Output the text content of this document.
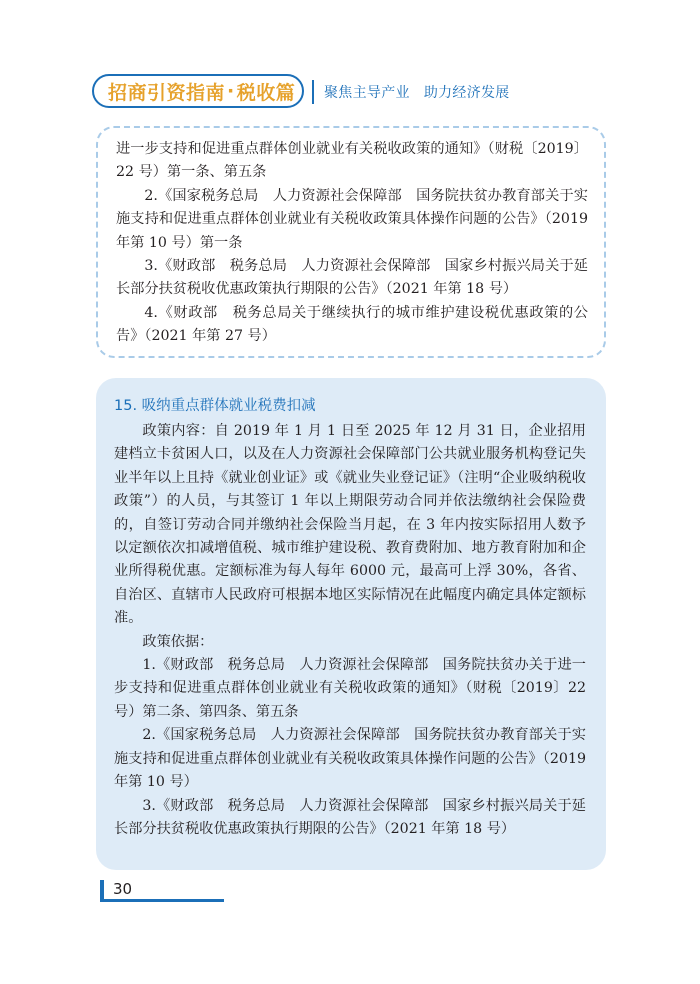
招商引资指南 · 税收篇 聚焦主导产业 助力经济发展

进一步支持和促进重点群体创业就业有关税收政策的通知》（财税〔2019〕22 号）第一条、第五条

2.《国家税务总局　人力资源社会保障部　国务院扶贫办教育部关于实施支持和促进重点群体创业就业有关税收政策具体操作问题的公告》（2019 年第 10 号）第一条

3.《财政部　税务总局　人力资源社会保障部　国家乡村振兴局关于延长部分扶贫税收优惠政策执行期限的公告》（2021 年第 18 号）

4.《财政部　税务总局关于继续执行的城市维护建设税优惠政策的公告》（2021 年第 27 号）

15. 吸纳重点群体就业税费扣减

政策内容：自 2019 年 1 月 1 日至 2025 年 12 月 31 日，企业招用建档立卡贫困人口，以及在人力资源社会保障部门公共就业服务机构登记失业半年以上且持《就业创业证》或《就业失业登记证》（注明“企业吸纳税收政策”）的人员，与其签订 1 年以上期限劳动合同并依法缴纳社会保险费的，自签订劳动合同并缴纳社会保险当月起，在 3 年内按实际招用人数予以定额依次扣减增值税、城市维护建设税、教育费附加、地方教育附加和企业所得税优惠。定额标准为每人每年 6000 元，最高可上浮 30%，各省、自治区、直辖市人民政府可根据本地区实际情况在此幅度内确定具体定额标准。

政策依据：

1.《财政部　税务总局　人力资源社会保障部　国务院扶贫办关于进一步支持和促进重点群体创业就业有关税收政策的通知》（财税〔2019〕22 号）第二条、第四条、第五条

2.《国家税务总局　人力资源社会保障部　国务院扶贫办教育部关于实施支持和促进重点群体创业就业有关税收政策具体操作问题的公告》（2019 年第 10 号）

3.《财政部　税务总局　人力资源社会保障部　国家乡村振兴局关于延长部分扶贫税收优惠政策执行期限的公告》（2021 年第 18 号）

30
